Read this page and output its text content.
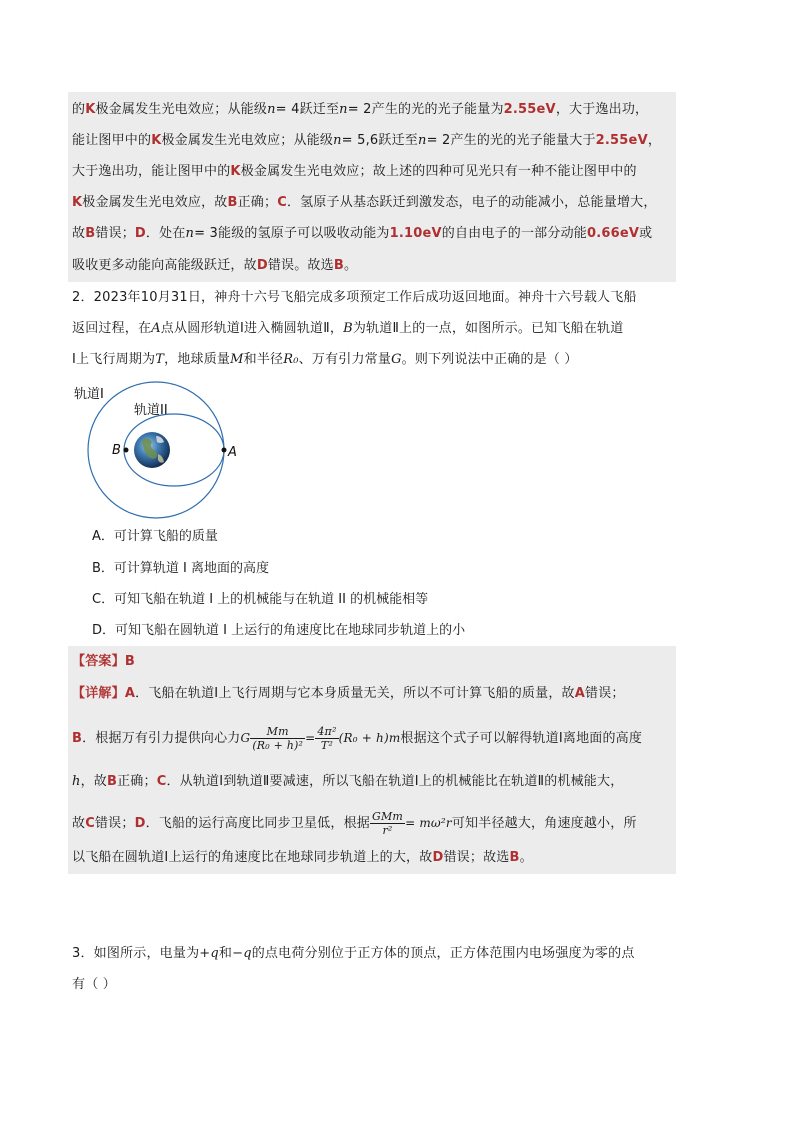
的K极金属发生光电效应；从能级n= 4跃迁至n= 2产生的光的光子能量为2.55eV，大于逸出功，
能让图甲中的K极金属发生光电效应；从能级n= 5,6跃迁至n= 2产生的光的光子能量大于2.55eV，
大于逸出功，能让图甲中的K极金属发生光电效应；故上述的四种可见光只有一种不能让图甲中的
K极金属发生光电效应，故B正确；C．氢原子从基态跃迁到激发态，电子的动能减小，总能量增大，
故B错误；D．处在n= 3能级的氢原子可以吸收动能为1.10eV的自由电子的一部分动能0.66eV或
吸收更多动能向高能级跃迁，故D错误。故选B。
2．2023年10月31日，神舟十六号飞船完成多项预定工作后成功返回地面。神舟十六号载人飞船
返回过程，在A点从圆形轨道Ⅰ进入椭圆轨道Ⅱ，B为轨道Ⅱ上的一点，如图所示。已知飞船在轨道
Ⅰ上飞行周期为T，地球质量M和半径R₀、万有引力常量G。则下列说法中正确的是（ ）
轨道I
轨道II
B	A
A．可计算飞船的质量
B．可计算轨道 I 离地面的高度
C．可知飞船在轨道 I 上的机械能与在轨道 II 的机械能相等
D．可知飞船在圆轨道 I 上运行的角速度比在地球同步轨道上的小
【答案】B
【详解】A．飞船在轨道Ⅰ上飞行周期与它本身质量无关，所以不可计算飞船的质量，故A错误；
B．根据万有引力提供向心力G $\frac{Mm}{\text{(R₀ + h)²}} = \frac{\text{4π²}}{\text{T²}} (R_0 + h)m$根据这个式子可以解得轨道Ⅰ离地面的高度
h，故B正确；C．从轨道Ⅰ到轨道Ⅱ要减速，所以飞船在轨道Ⅰ上的机械能比在轨道Ⅱ的机械能大，
故C错误；D．飞船的运行高度比同步卫星低，根据 $\frac{\text{GMm}}{\text{r²}} = m\omega^2r$可知半径越大，角速度越小，所
以飞船在圆轨道Ⅰ上运行的角速度比在地球同步轨道上的大，故D错误；故选B。
3．如图所示，电量为+q和−q的点电荷分别位于正方体的顶点，正方体范围内电场强度为零的点
有（ ）
